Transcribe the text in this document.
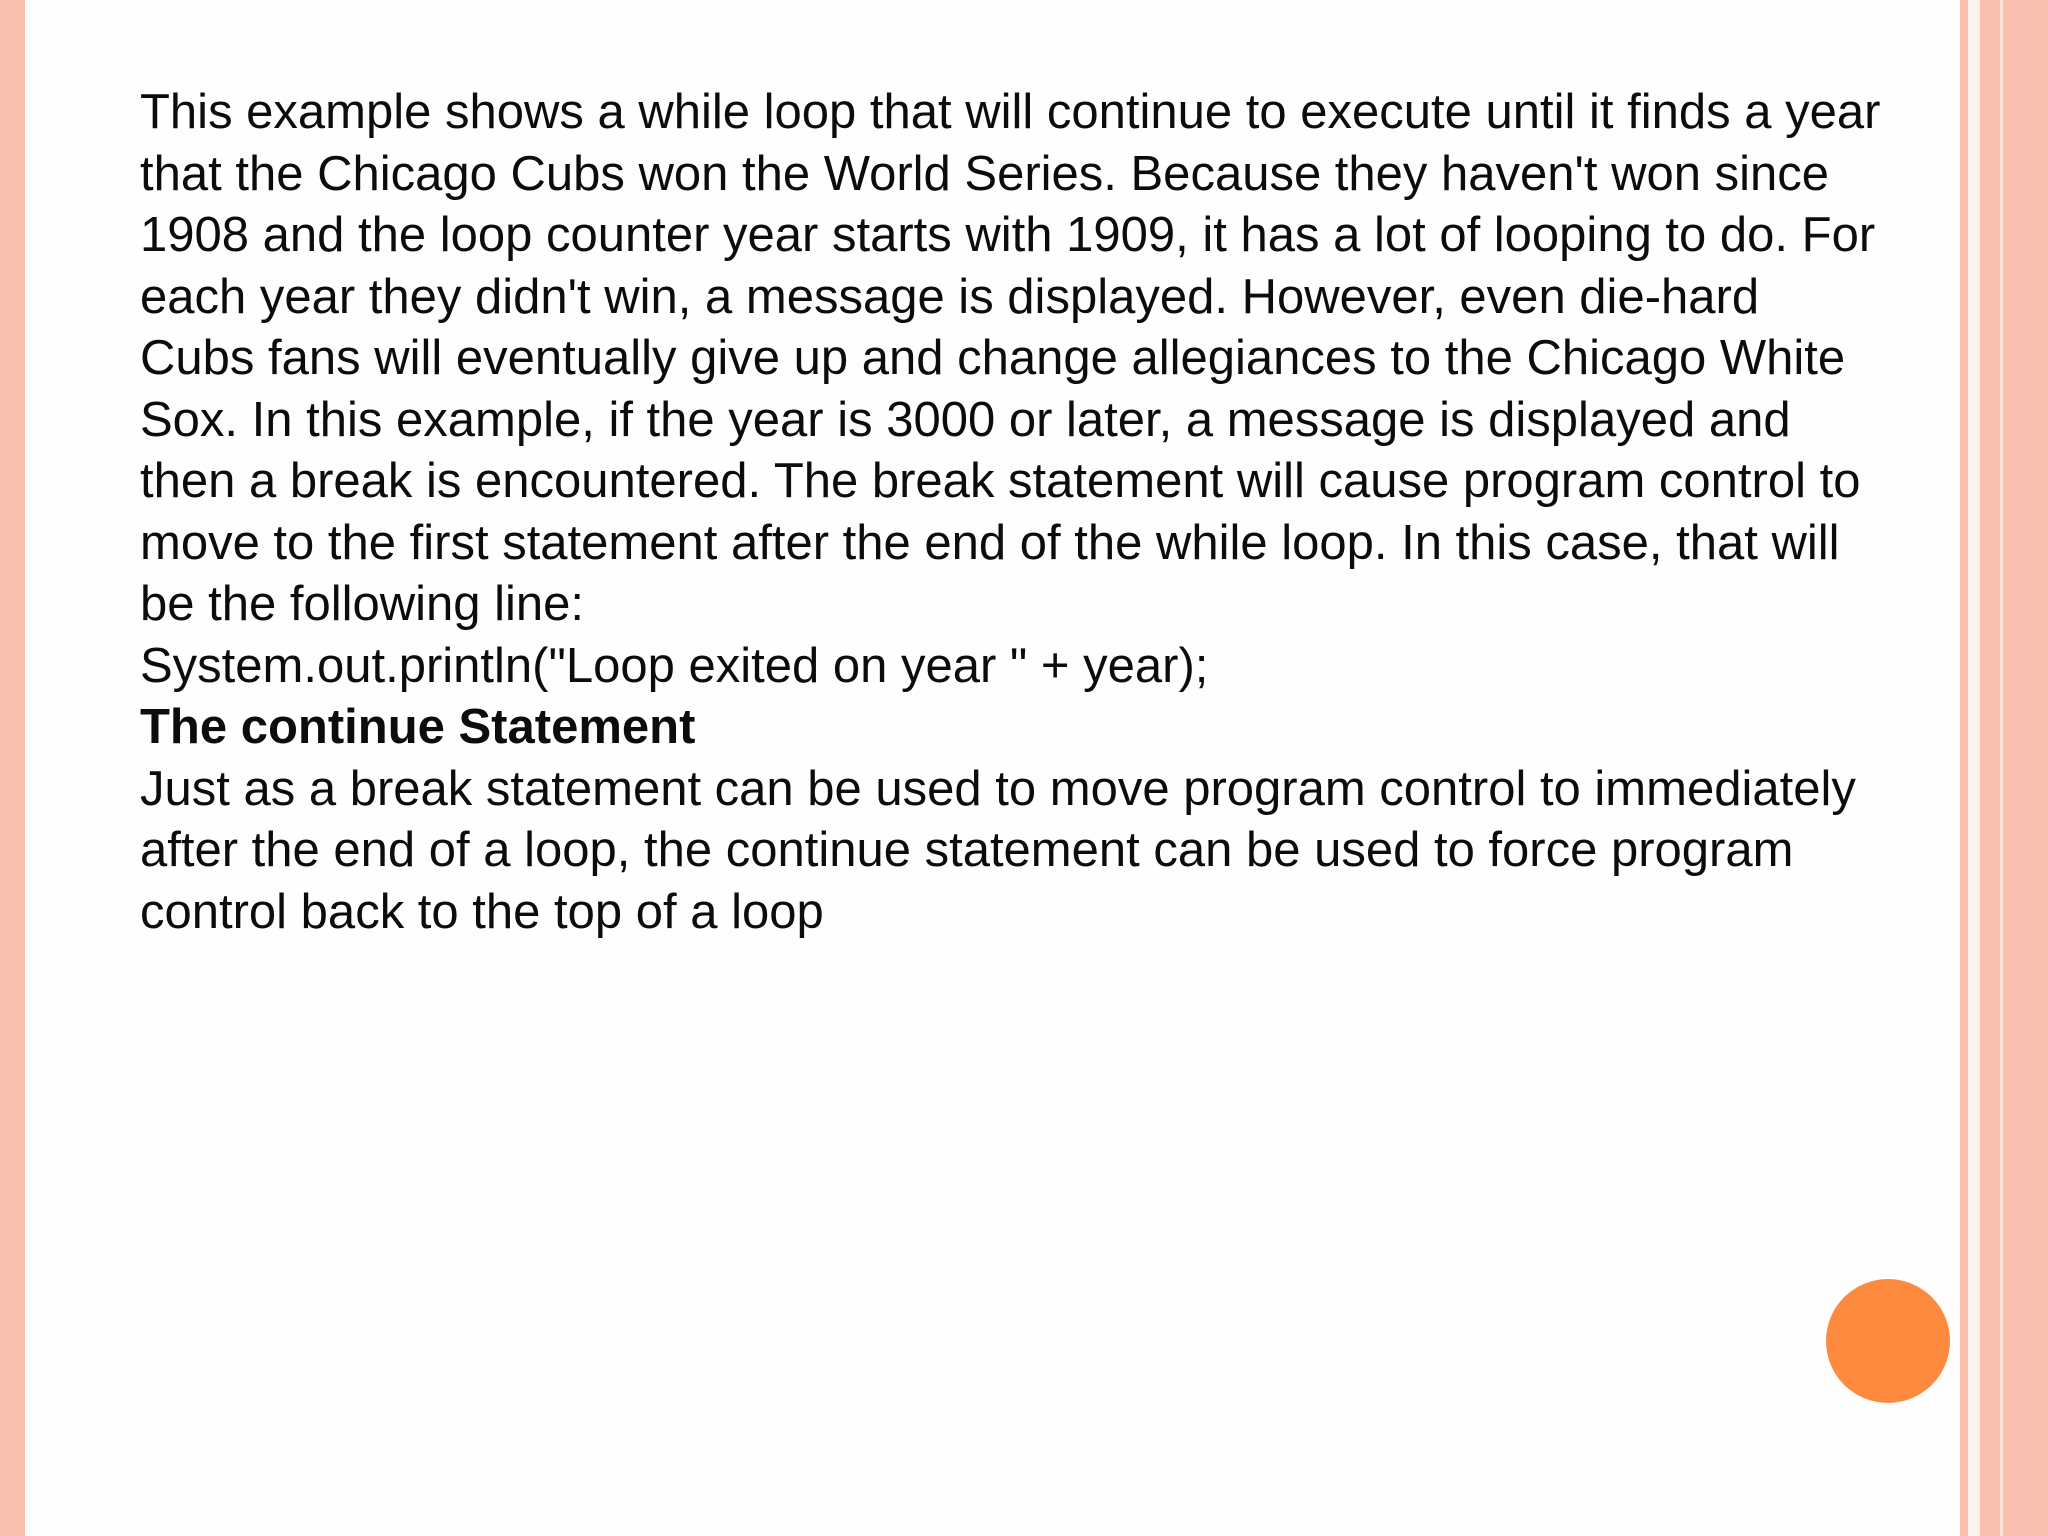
This example shows a while loop that will continue to execute until it finds a year

that the Chicago Cubs won the World Series. Because they haven't won since

1908 and the loop counter year starts with 1909, it has a lot of looping to do. For

each year they didn't win, a message is displayed. However, even die-hard

Cubs fans will eventually give up and change allegiances to the Chicago White

Sox. In this example, if the year is 3000 or later, a message is displayed and

then a break is encountered. The break statement will cause program control to

move to the first statement after the end of the while loop. In this case, that will

be the following line:

System.out.println("Loop exited on year " + year);

The continue Statement

Just as a break statement can be used to move program control to immediately

after the end of a loop, the continue statement can be used to force program

control back to the top of a loop
